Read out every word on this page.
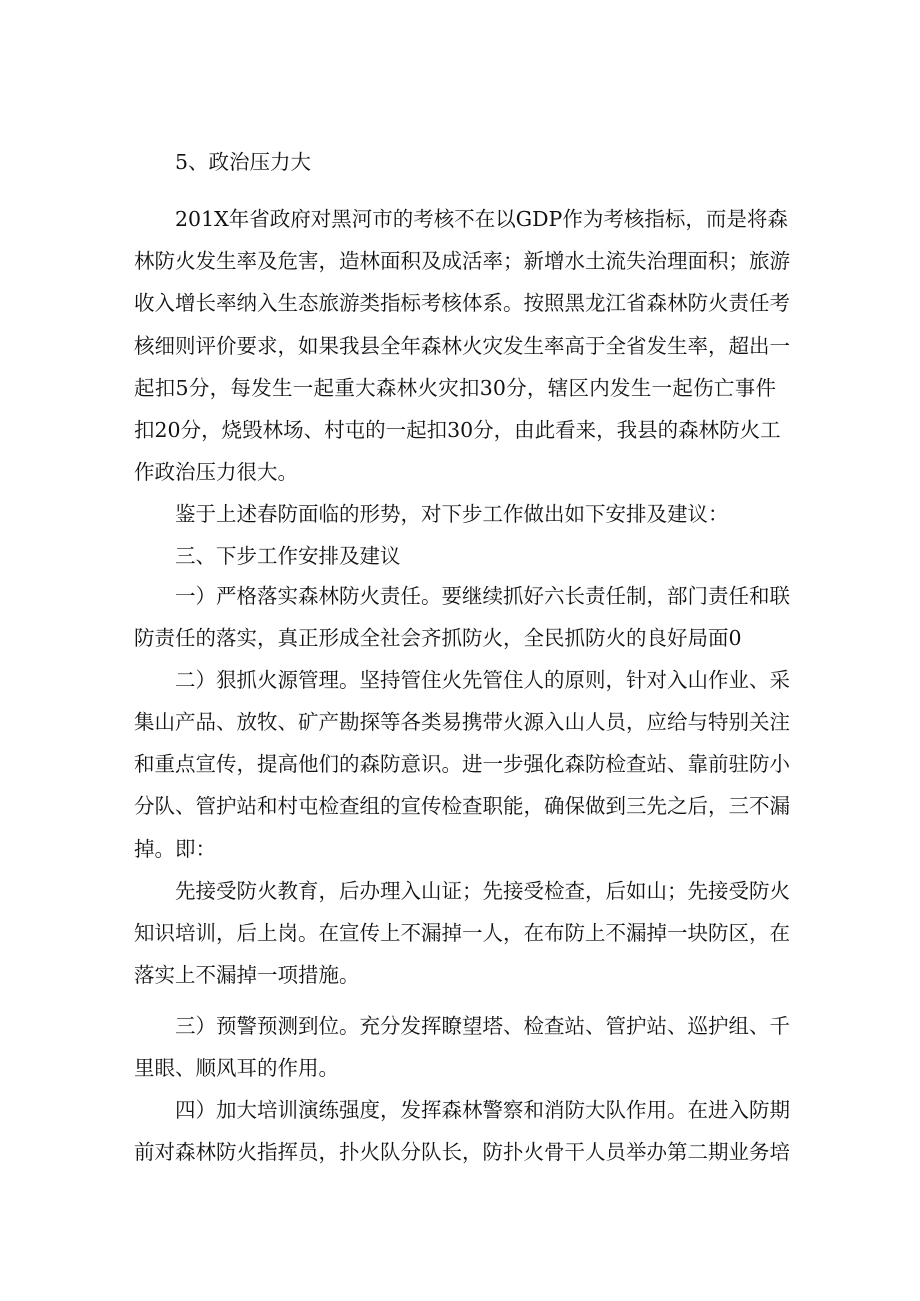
5、政治压力大
201X年省政府对黑河市的考核不在以GDP作为考核指标，而是将森
林防火发生率及危害，造林面积及成活率；新增水土流失治理面积；旅游
收入增长率纳入生态旅游类指标考核体系。按照黑龙江省森林防火责任考
核细则评价要求，如果我县全年森林火灾发生率高于全省发生率，超出一
起扣5分，每发生一起重大森林火灾扣30分，辖区内发生一起伤亡事件
扣20分，烧毁林场、村屯的一起扣30分，由此看来，我县的森林防火工
作政治压力很大。
鉴于上述春防面临的形势，对下步工作做出如下安排及建议：
三、下步工作安排及建议
一）严格落实森林防火责任。要继续抓好六长责任制，部门责任和联
防责任的落实，真正形成全社会齐抓防火，全民抓防火的良好局面0
二）狠抓火源管理。坚持管住火先管住人的原则，针对入山作业、采
集山产品、放牧、矿产勘探等各类易携带火源入山人员，应给与特别关注
和重点宣传，提高他们的森防意识。进一步强化森防检查站、靠前驻防小
分队、管护站和村屯检查组的宣传检查职能，确保做到三先之后，三不漏
掉。即：
先接受防火教育，后办理入山证；先接受检查，后如山；先接受防火
知识培训，后上岗。在宣传上不漏掉一人，在布防上不漏掉一块防区，在
落实上不漏掉一项措施。
三）预警预测到位。充分发挥瞭望塔、检查站、管护站、巡护组、千
里眼、顺风耳的作用。
四）加大培训演练强度，发挥森林警察和消防大队作用。在进入防期
前对森林防火指挥员，扑火队分队长，防扑火骨干人员举办第二期业务培
